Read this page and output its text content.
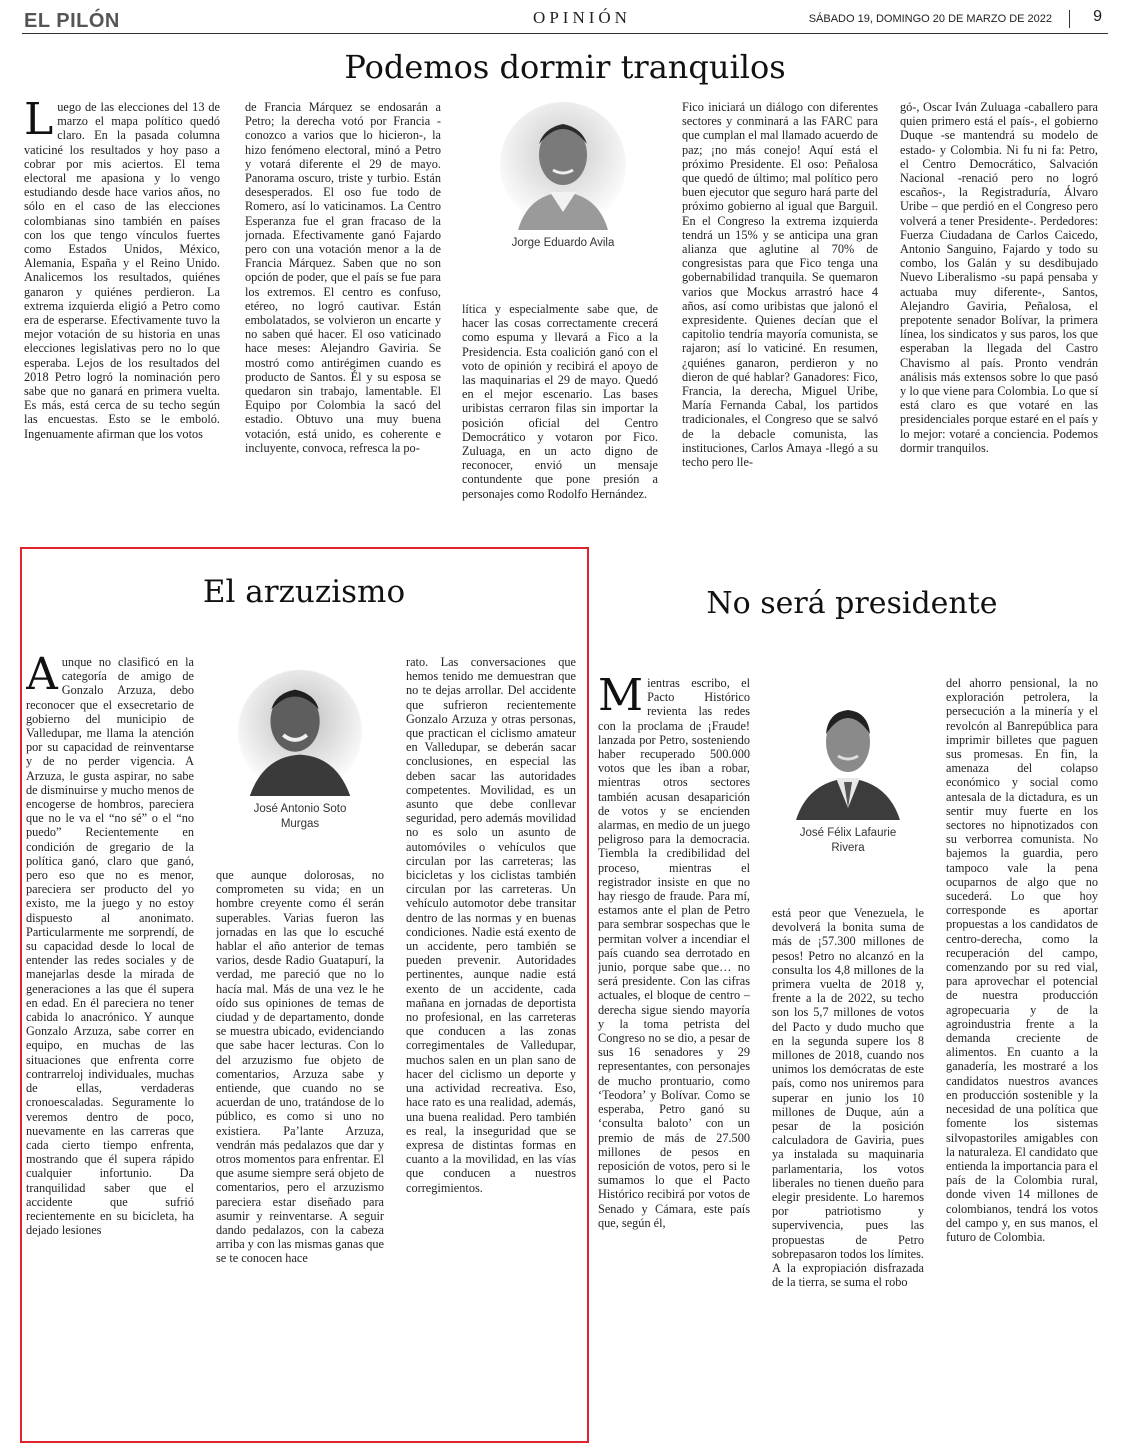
EL PILÓN	OPINIÓN	SÁBADO 19, DOMINGO 20 DE MARZO DE 2022	9
Podemos dormir tranquilos
Luego de las elecciones del 13 de marzo el mapa político quedó claro. En la pasada columna vaticiné los resultados y hoy paso a cobrar por mis aciertos. El tema electoral me apasiona y lo vengo estudiando desde hace varios años, no sólo en el caso de las elecciones colombianas sino también en países con los que tengo vínculos fuertes como Estados Unidos, México, Alemania, España y el Reino Unido. Analicemos los resultados, quiénes ganaron y quiénes perdieron. La extrema izquierda eligió a Petro como era de esperarse. Efectivamente tuvo la mejor votación de su historia en unas elecciones legislativas pero no lo que esperaba. Lejos de los resultados del 2018 Petro logró la nominación pero sabe que no ganará en primera vuelta. Es más, está cerca de su techo según las encuestas. Esto se le emboló. Ingenuamente afirman que los votos
de Francia Márquez se endosarán a Petro; la derecha votó por Francia -conozco a varios que lo hicieron-, la hizo fenómeno electoral, minó a Petro y votará diferente el 29 de mayo. Panorama oscuro, triste y turbio. Están desesperados. El oso fue todo de Romero, así lo vaticinamos. La Centro Esperanza fue el gran fracaso de la jornada. Efectivamente ganó Fajardo pero con una votación menor a la de Francia Márquez. Saben que no son opción de poder, que el país se fue para los extremos. El centro es confuso, etéreo, no logró cautivar. Están embolatados, se volvieron un encarte y no saben qué hacer. El oso vaticinado hace meses: Alejandro Gaviria. Se mostró como antirégimen cuando es producto de Santos. Él y su esposa se quedaron sin trabajo, lamentable. El Equipo por Colombia la sacó del estadio. Obtuvo una muy buena votación, está unido, es coherente e incluyente, convoca, refresca la po-
Jorge Eduardo Avila
lítica y especialmente sabe que, de hacer las cosas correctamente crecerá como espuma y llevará a Fico a la Presidencia. Esta coalición ganó con el voto de opinión y recibirá el apoyo de las maquinarias el 29 de mayo. Quedó en el mejor escenario. Las bases uribistas cerraron filas sin importar la posición oficial del Centro Democrático y votaron por Fico. Zuluaga, en un acto digno de reconocer, envió un mensaje contundente que pone presión a personajes como Rodolfo Hernández.
Fico iniciará un diálogo con diferentes sectores y conminará a las FARC para que cumplan el mal llamado acuerdo de paz; ¡no más conejo! Aquí está el próximo Presidente. El oso: Peñalosa que quedó de último; mal político pero buen ejecutor que seguro hará parte del próximo gobierno al igual que Barguil. En el Congreso la extrema izquierda tendrá un 15% y se anticipa una gran alianza que aglutine al 70% de congresistas para que Fico tenga una gobernabilidad tranquila. Se quemaron varios que Mockus arrastró hace 4 años, así como uribistas que jalonó el expresidente. Quienes decían que el capitolio tendría mayoría comunista, se rajaron; así lo vaticiné. En resumen, ¿quiénes ganaron, perdieron y no dieron de qué hablar? Ganadores: Fico, Francia, la derecha, Miguel Uribe, María Fernanda Cabal, los partidos tradicionales, el Congreso que se salvó de la debacle comunista, las instituciones, Carlos Amaya -llegó a su techo pero lle-
gó-, Oscar Iván Zuluaga -caballero para quien primero está el país-, el gobierno Duque -se mantendrá su modelo de estado- y Colombia. Ni fu ni fa: Petro, el Centro Democrático, Salvación Nacional -renació pero no logró escaños-, la Registraduría, Álvaro Uribe – que perdió en el Congreso pero volverá a tener Presidente-. Perdedores: Fuerza Ciudadana de Carlos Caicedo, Antonio Sanguino, Fajardo y todo su combo, los Galán y su desdibujado Nuevo Liberalismo -su papá pensaba y actuaba muy diferente-, Santos, Alejandro Gaviria, Peñalosa, el prepotente senador Bolívar, la primera línea, los sindicatos y sus paros, los que esperaban la llegada del Castro Chavismo al país. Pronto vendrán análisis más extensos sobre lo que pasó y lo que viene para Colombia. Lo que sí está claro es que votaré en las presidenciales porque estaré en el país y lo mejor: votaré a conciencia. Podemos dormir tranquilos.
El arzuzismo
Aunque no clasificó en la categoría de amigo de Gonzalo Arzuza, debo reconocer que el exsecretario de gobierno del municipio de Valledupar, me llama la atención por su capacidad de reinventarse y de no perder vigencia. A Arzuza, le gusta aspirar, no sabe de disminuirse y mucho menos de encogerse de hombros, pareciera que no le va el “no sé” o el “no puedo” Recientemente en condición de gregario de la política ganó, claro que ganó, pero eso que no es menor, pareciera ser producto del yo existo, me la juego y no estoy dispuesto al anonimato. Particularmente me sorprendí, de su capacidad desde lo local de entender las redes sociales y de manejarlas desde la mirada de generaciones a las que él supera en edad. En él pareciera no tener cabida lo anacrónico. Y aunque Gonzalo Arzuza, sabe correr en equipo, en muchas de las situaciones que enfrenta corre contrarreloj individuales, muchas de ellas, verdaderas cronoescaladas. Seguramente lo veremos dentro de poco, nuevamente en las carreras que cada cierto tiempo enfrenta, mostrando que él supera rápido cualquier infortunio. Da tranquilidad saber que el accidente que sufrió recientemente en su bicicleta, ha dejado lesiones
José Antonio Soto
Murgas
que aunque dolorosas, no comprometen su vida; en un hombre creyente como él serán superables. Varias fueron las jornadas en las que lo escuché hablar el año anterior de temas varios, desde Radio Guatapurí, la verdad, me pareció que no lo hacía mal. Más de una vez le he oído sus opiniones de temas de ciudad y de departamento, donde se muestra ubicado, evidenciando que sabe hacer lecturas. Con lo del arzuzismo fue objeto de comentarios, Arzuza sabe y entiende, que cuando no se acuerdan de uno, tratándose de lo público, es como si uno no existiera. Pa’lante Arzuza, vendrán más pedalazos que dar y otros momentos para enfrentar. El que asume siempre será objeto de comentarios, pero el arzuzismo pareciera estar diseñado para asumir y reinventarse. A seguir dando pedalazos, con la cabeza arriba y con las mismas ganas que se te conocen hace
rato. Las conversaciones que hemos tenido me demuestran que no te dejas arrollar. Del accidente que sufrieron recientemente Gonzalo Arzuza y otras personas, que practican el ciclismo amateur en Valledupar, se deberán sacar conclusiones, en especial las deben sacar las autoridades competentes. Movilidad, es un asunto que debe conllevar seguridad, pero además movilidad no es solo un asunto de automóviles o vehículos que circulan por las carreteras; las bicicletas y los ciclistas también circulan por las carreteras. Un vehículo automotor debe transitar dentro de las normas y en buenas condiciones. Nadie está exento de un accidente, pero también se pueden prevenir. Autoridades pertinentes, aunque nadie está exento de un accidente, cada mañana en jornadas de deportista no profesional, en las carreteras que conducen a las zonas corregimentales de Valledupar, muchos salen en un plan sano de hacer del ciclismo un deporte y una actividad recreativa. Eso, hace rato es una realidad, además, una buena realidad. Pero también es real, la inseguridad que se expresa de distintas formas en cuanto a la movilidad, en las vías que conducen a nuestros corregimientos.
No será presidente
Mientras escribo, el Pacto Histórico revienta las redes con la proclama de ¡Fraude! lanzada por Petro, sosteniendo haber recuperado 500.000 votos que les iban a robar, mientras otros sectores también acusan desaparición de votos y se encienden alarmas, en medio de un juego peligroso para la democracia. Tiembla la credibilidad del proceso, mientras el registrador insiste en que no hay riesgo de fraude. Para mí, estamos ante el plan de Petro para sembrar sospechas que le permitan volver a incendiar el país cuando sea derrotado en junio, porque sabe que… no será presidente. Con las cifras actuales, el bloque de centro – derecha sigue siendo mayoría y la toma petrista del Congreso no se dio, a pesar de sus 16 senadores y 29 representantes, con personajes de mucho prontuario, como ‘Teodora’ y Bolívar. Como se esperaba, Petro ganó su ‘consulta baloto’ con un premio de más de 27.500 millones de pesos en reposición de votos, pero si le sumamos lo que el Pacto Histórico recibirá por votos de Senado y Cámara, este país que, según él,
José Félix Lafaurie
Rivera
está peor que Venezuela, le devolverá la bonita suma de más de ¡57.300 millones de pesos! Petro no alcanzó en la consulta los 4,8 millones de la primera vuelta de 2018 y, frente a la de 2022, su techo son los 5,7 millones de votos del Pacto y dudo mucho que en la segunda supere los 8 millones de 2018, cuando nos unimos los demócratas de este país, como nos uniremos para superar en junio los 10 millones de Duque, aún a pesar de la posición calculadora de Gaviria, pues ya instalada su maquinaria parlamentaria, los votos liberales no tienen dueño para elegir presidente. Lo haremos por patriotismo y supervivencia, pues las propuestas de Petro sobrepasaron todos los límites. A la expropiación disfrazada de la tierra, se suma el robo
del ahorro pensional, la no exploración petrolera, la persecución a la minería y el revolcón al Banrepública para imprimir billetes que paguen sus promesas. En fin, la amenaza del colapso económico y social como antesala de la dictadura, es un sentir muy fuerte en los sectores no hipnotizados con su verborrea comunista. No bajemos la guardia, pero tampoco vale la pena ocuparnos de algo que no sucederá. Lo que hoy corresponde es aportar propuestas a los candidatos de centro-derecha, como la recuperación del campo, comenzando por su red vial, para aprovechar el potencial de nuestra producción agropecuaria y de la agroindustria frente a la demanda creciente de alimentos. En cuanto a la ganadería, les mostraré a los candidatos nuestros avances en producción sostenible y la necesidad de una política que fomente los sistemas silvopastoriles amigables con la naturaleza. El candidato que entienda la importancia para el país de la Colombia rural, donde viven 14 millones de colombianos, tendrá los votos del campo y, en sus manos, el futuro de Colombia.
